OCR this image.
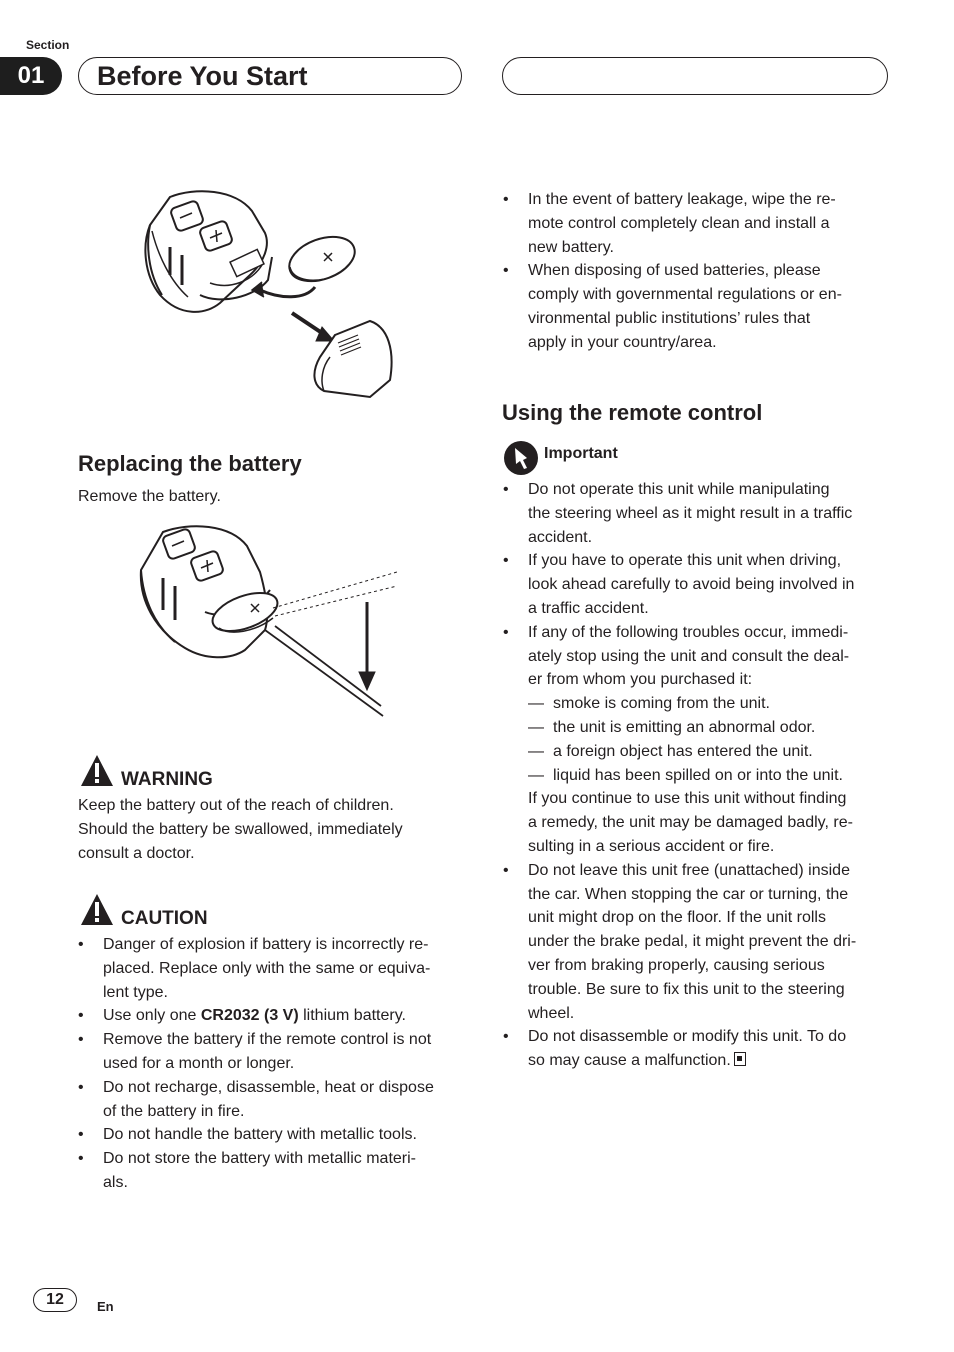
Section
01	Before You Start
Replacing the battery
Remove the battery.
WARNING
Keep the battery out of the reach of children.
Should the battery be swallowed, immediately
consult a doctor.
CAUTION
• Danger of explosion if battery is incorrectly re-
placed. Replace only with the same or equiva-
lent type.
• Use only one CR2032 (3 V) lithium battery.
• Remove the battery if the remote control is not
used for a month or longer.
• Do not recharge, disassemble, heat or dispose
of the battery in fire.
• Do not handle the battery with metallic tools.
• Do not store the battery with metallic materi-
als.
• In the event of battery leakage, wipe the re-
mote control completely clean and install a
new battery.
• When disposing of used batteries, please
comply with governmental regulations or en-
vironmental public institutions’ rules that
apply in your country/area.
Using the remote control
Important
• Do not operate this unit while manipulating
the steering wheel as it might result in a traffic
accident.
• If you have to operate this unit when driving,
look ahead carefully to avoid being involved in
a traffic accident.
• If any of the following troubles occur, immedi-
ately stop using the unit and consult the deal-
er from whom you purchased it:
— smoke is coming from the unit.
— the unit is emitting an abnormal odor.
— a foreign object has entered the unit.
— liquid has been spilled on or into the unit.
If you continue to use this unit without finding
a remedy, the unit may be damaged badly, re-
sulting in a serious accident or fire.
• Do not leave this unit free (unattached) inside
the car. When stopping the car or turning, the
unit might drop on the floor. If the unit rolls
under the brake pedal, it might prevent the dri-
ver from braking properly, causing serious
trouble. Be sure to fix this unit to the steering
wheel.
• Do not disassemble or modify this unit. To do
so may cause a malfunction.
12	En
